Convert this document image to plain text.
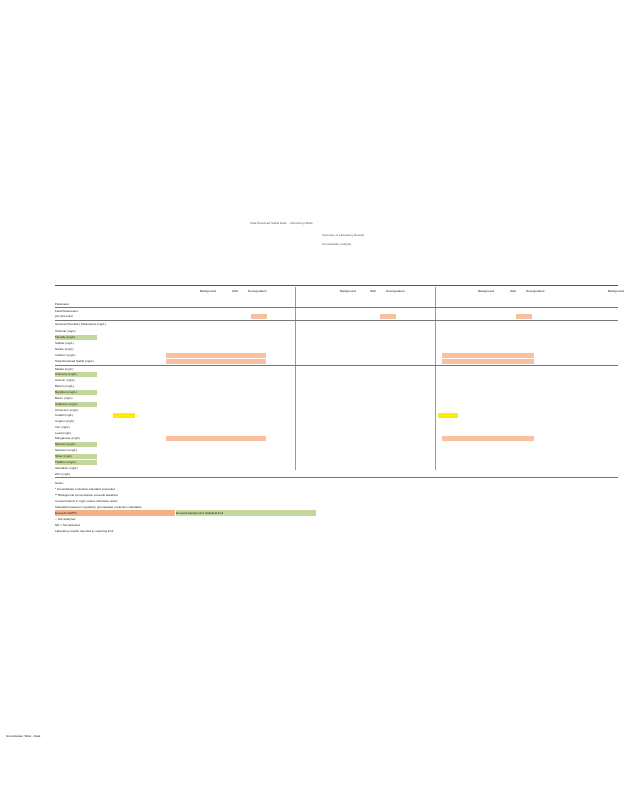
Total Dissolved Solids Data ... Monitoring Wells
Summary of Laboratory Results
Groundwater Analysis
Background	Well	Downgradient	Background	Well	Downgradient	Background	Well	Downgradient	Background
Parameter
Field Parameters
pH (std units)
General Chemistry Parameters (mg/L)
Chloride (mg/L)
Fluoride (mg/L)
Sulfate (mg/L)
Nitrate (mg/L)
Calcium (mg/L)
Total Dissolved Solids (mg/L)
Metals (mg/L)
Antimony (mg/L)
Arsenic (mg/L)
Barium (mg/L)
Beryllium (mg/L)
Boron (mg/L)
Cadmium (mg/L)
Chromium (mg/L)
Cobalt (mg/L)
Copper (mg/L)
Iron (mg/L)
Lead (mg/L)
Manganese (mg/L)
Mercury (mg/L)
Selenium (mg/L)
Silver (mg/L)
Thallium (mg/L)
Vanadium (mg/L)
Zinc (mg/L)
Notes:
* Groundwater protection standard exceeded
** Background concentration exceeds standard
Concentrations in mg/L unless otherwise noted
Standards based on regulatory groundwater protection standards
Exceeds GWPS	Exceeds background statistical limit
-- Not analyzed
ND = Not detected
Laboratory results reported to reporting limit
Groundwater Table - Data
